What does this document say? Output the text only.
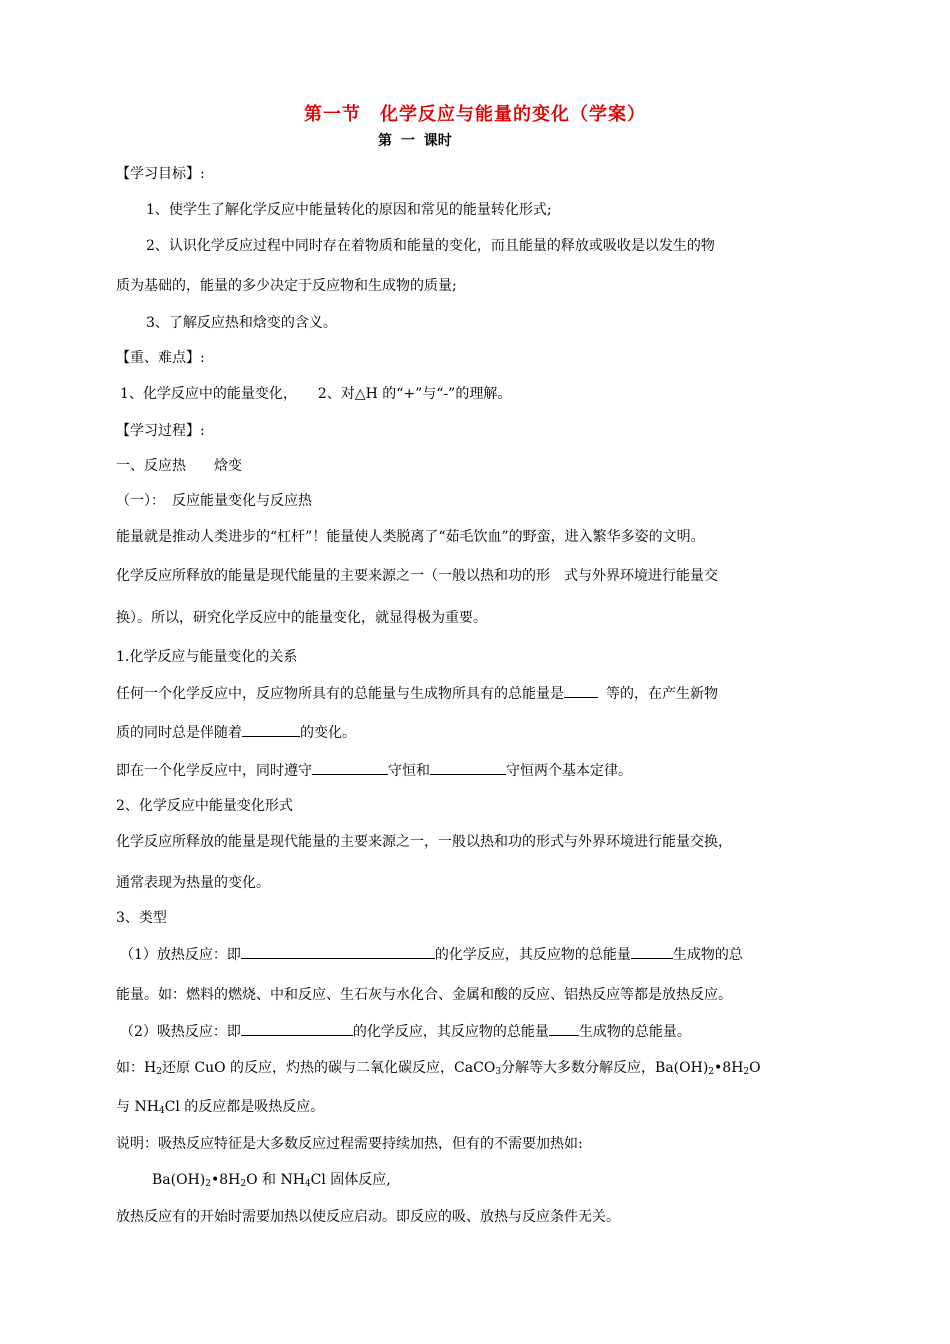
第一节　化学反应与能量的变化（学案）
第 一 课时
【学习目标】:
1、使学生了解化学反应中能量转化的原因和常见的能量转化形式;
2、认识化学反应过程中同时存在着物质和能量的变化，而且能量的释放或吸收是以发生的物
质为基础的，能量的多少决定于反应物和生成物的质量;
3、了解反应热和焓变的含义。
【重、难点】:
1、化学反应中的能量变化，　　2、对△H 的“+”与“-”的理解。
【学习过程】:
一、反应热　　焓变
（一）：　反应能量变化与反应热
能量就是推动人类进步的“杠杆”！能量使人类脱离了“茹毛饮血”的野蛮，进入繁华多姿的文明。
化学反应所释放的能量是现代能量的主要来源之一（一般以热和功的形　式与外界环境进行能量交
换）。所以，研究化学反应中的能量变化，就显得极为重要。
1.化学反应与能量变化的关系
任何一个化学反应中，反应物所具有的总能量与生成物所具有的总能量是	等的，在产生新物
质的同时总是伴随着	的变化。
即在一个化学反应中，同时遵守	守恒和	守恒两个基本定律。
2、化学反应中能量变化形式
化学反应所释放的能量是现代能量的主要来源之一，一般以热和功的形式与外界环境进行能量交换，
通常表现为热量的变化。
3、类型
（1）放热反应：即	的化学反应，其反应物的总能量	生成物的总
能量。如：燃料的燃烧、中和反应、生石灰与水化合、金属和酸的反应、铝热反应等都是放热反应。
（2）吸热反应：即	的化学反应，其反应物的总能量 生成物的总能量。
如：$H_2$还原 CuO 的反应，灼热的碳与二氧化碳反应，CaCO$_3$分解等大多数分解反应，$Ba(OH)_2•8H_2O$
与 $NH_4Cl$ 的反应都是吸热反应。
说明：吸热反应特征是大多数反应过程需要持续加热，但有的不需要加热如:
$Ba(OH)_2•8H_2O$ 和 $NH_4Cl$ 固体反应,
放热反应有的开始时需要加热以使反应启动。即反应的吸、放热与反应条件无关。
